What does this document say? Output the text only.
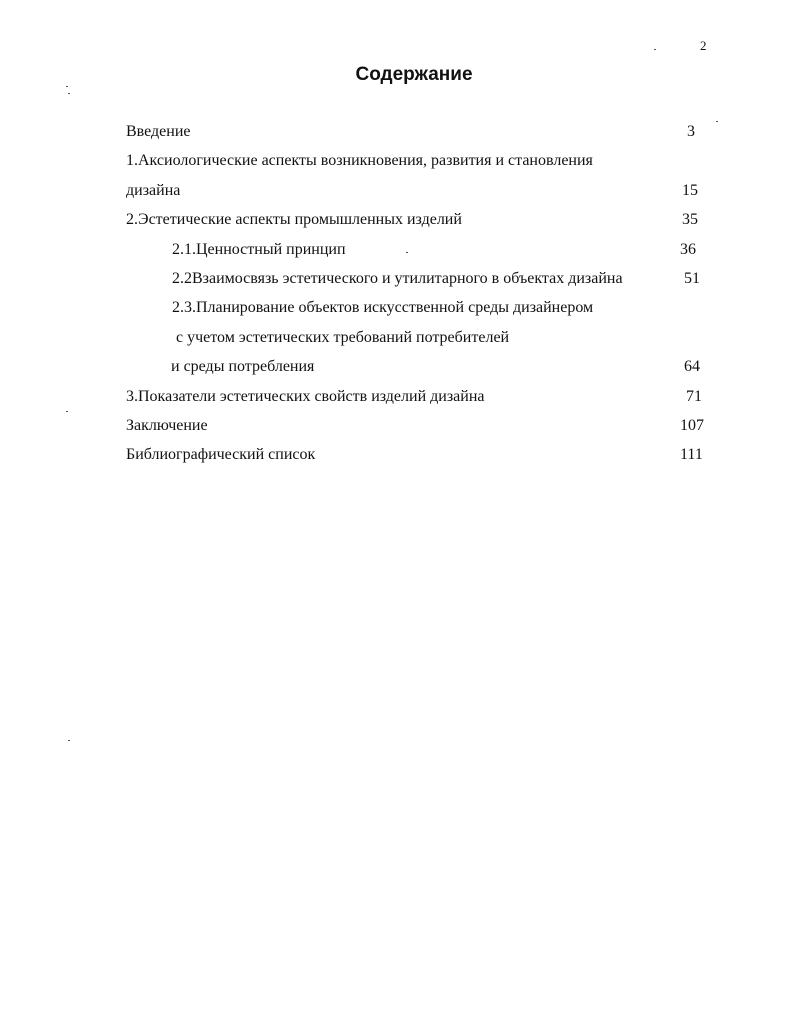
2
Содержание
Введение	3
1.Аксиологические аспекты возникновения, развития и становления
дизайна	15
2.Эстетические аспекты промышленных изделий	35
2.1.Ценностный принцип	36
2.2Взаимосвязь эстетического и утилитарного в объектах дизайна	51
2.3.Планирование объектов искусственной среды дизайнером
с учетом эстетических требований потребителей
и среды потребления	64
3.Показатели эстетических свойств изделий дизайна	71
Заключение	107
Библиографический список	111
